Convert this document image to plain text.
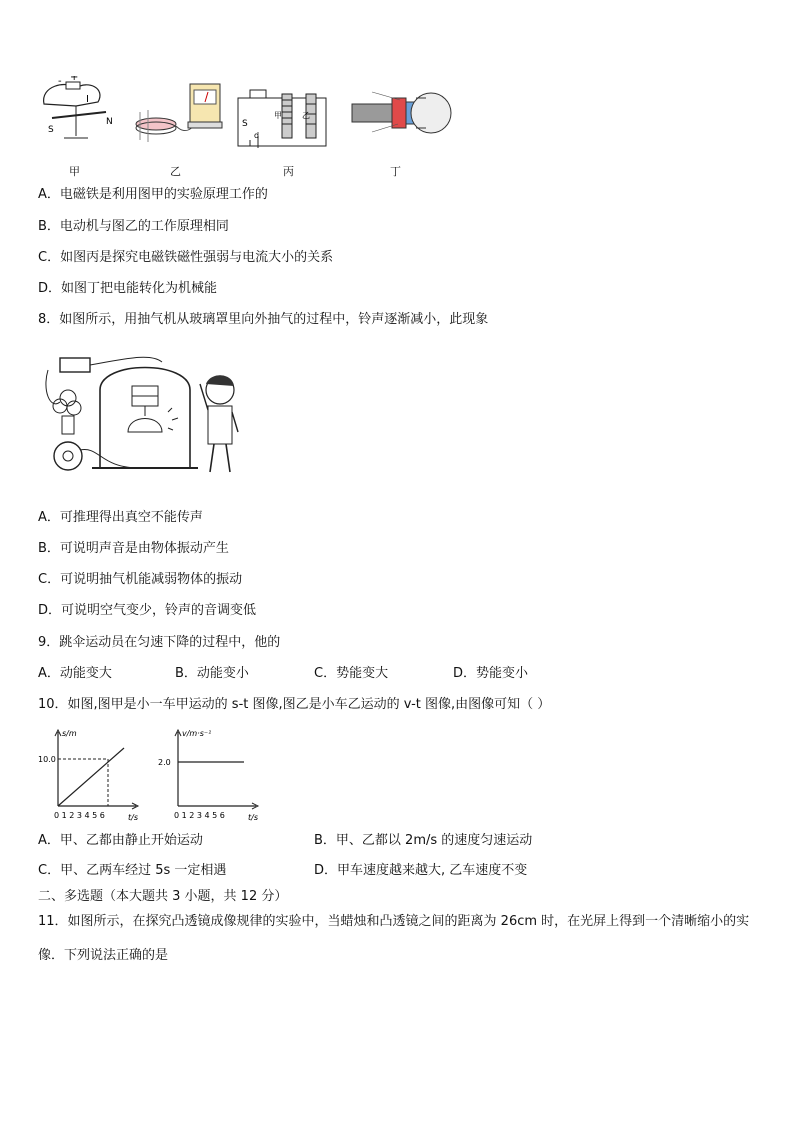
- +
I
S
N	S
d
甲	乙
甲	乙	丙	丁
A．电磁铁是利用图甲的实验原理工作的
B．电动机与图乙的工作原理相同
C．如图丙是探究电磁铁磁性强弱与电流大小的关系
D．如图丁把电能转化为机械能
8．如图所示，用抽气机从玻璃罩里向外抽气的过程中，铃声逐渐减小，此现象
A．可推理得出真空不能传声
B．可说明声音是由物体振动产生
C．可说明抽气机能减弱物体的振动
D．可说明空气变少，铃声的音调变低
9．跳伞运动员在匀速下降的过程中，他的
A．动能变大	B．动能变小	C．势能变大	D．势能变小
10．如图,图甲是小一车甲运动的 s-t 图像,图乙是小车乙运动的 v-t 图像,由图像可知（ ）
s/m
10.0
0 1 2 3 4 5 6	t/s
v/m·s⁻¹
2.0
0 1 2 3 4 5 6	t/s
A．甲、乙都由静止开始运动	B．甲、乙都以 2m/s 的速度匀速运动
C．甲、乙两车经过 5s 一定相遇	D．甲车速度越来越大, 乙车速度不变
二、多选题（本大题共 3 小题，共 12 分）
11．如图所示，在探究凸透镜成像规律的实验中，当蜡烛和凸透镜之间的距离为 26cm 时，在光屏上得到一个清晰缩小的实像．下列说法正确的是
